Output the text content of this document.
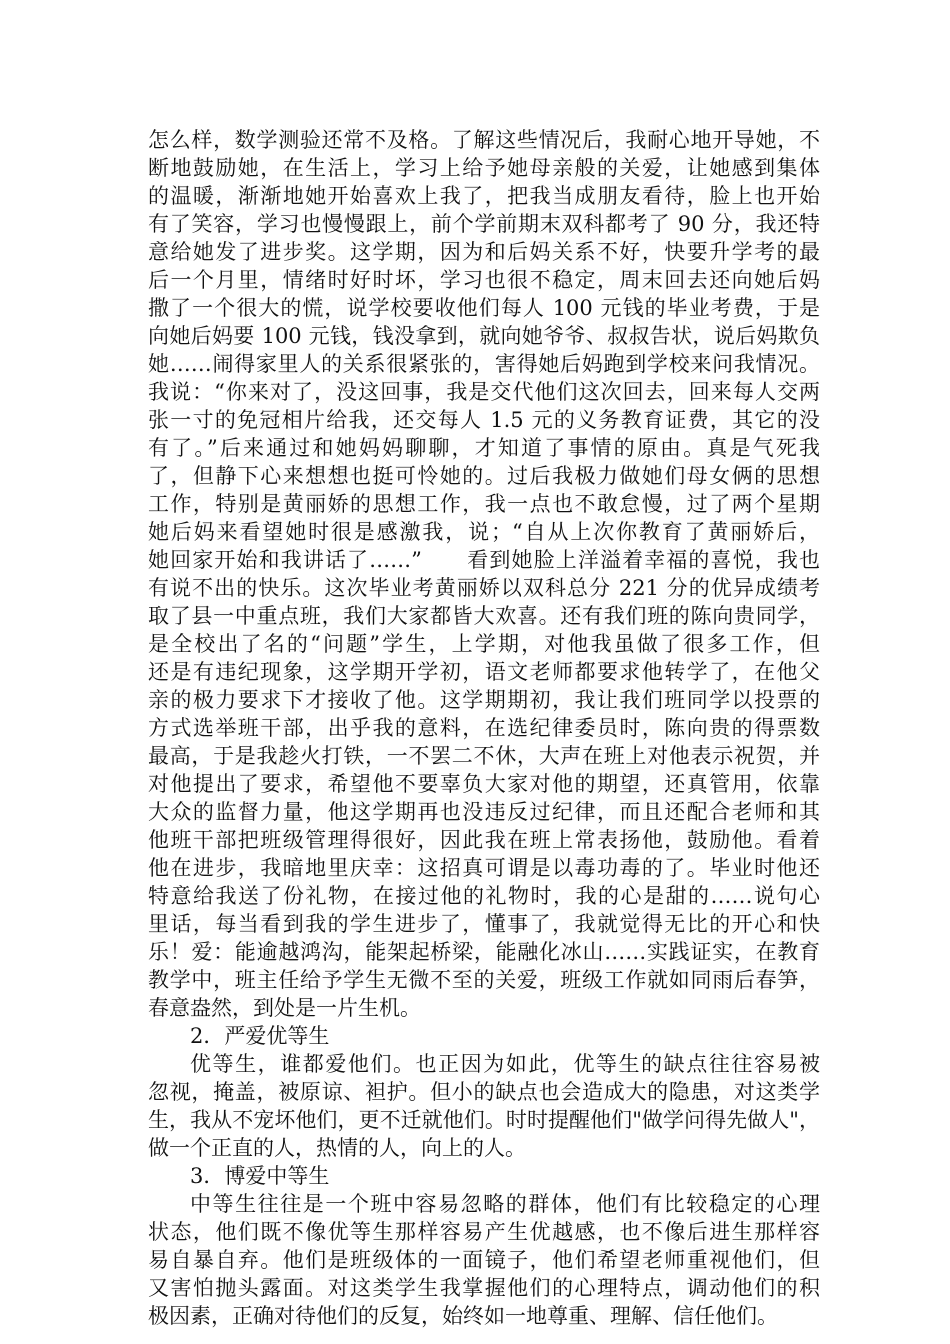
怎么样，数学测验还常不及格。了解这些情况后，我耐心地开导她，不
断地鼓励她，在生活上，学习上给予她母亲般的关爱，让她感到集体
的温暖，渐渐地她开始喜欢上我了，把我当成朋友看待，脸上也开始
有了笑容，学习也慢慢跟上，前个学前期末双科都考了 90 分，我还特
意给她发了进步奖。这学期，因为和后妈关系不好，快要升学考的最
后一个月里，情绪时好时坏，学习也很不稳定，周末回去还向她后妈
撒了一个很大的慌，说学校要收他们每人 100 元钱的毕业考费，于是
向她后妈要 100 元钱，钱没拿到，就向她爷爷、叔叔告状，说后妈欺负
她……闹得家里人的关系很紧张的，害得她后妈跑到学校来问我情况。
我说：“你来对了，没这回事，我是交代他们这次回去，回来每人交两
张一寸的免冠相片给我，还交每人 1.5 元的义务教育证费，其它的没
有了。”后来通过和她妈妈聊聊，才知道了事情的原由。真是气死我
了，但静下心来想想也挺可怜她的。过后我极力做她们母女俩的思想
工作，特别是黄丽娇的思想工作，我一点也不敢怠慢，过了两个星期
她后妈来看望她时很是感激我，说；“自从上次你教育了黄丽娇后，
她回家开始和我讲话了……”　　看到她脸上洋溢着幸福的喜悦，我也
有说不出的快乐。这次毕业考黄丽娇以双科总分 221 分的优异成绩考
取了县一中重点班，我们大家都皆大欢喜。还有我们班的陈向贵同学，
是全校出了名的“问题”学生，上学期，对他我虽做了很多工作，但
还是有违纪现象，这学期开学初，语文老师都要求他转学了，在他父
亲的极力要求下才接收了他。这学期期初，我让我们班同学以投票的
方式选举班干部，出乎我的意料，在选纪律委员时，陈向贵的得票数
最高，于是我趁火打铁，一不罢二不休，大声在班上对他表示祝贺，并
对他提出了要求，希望他不要辜负大家对他的期望，还真管用，依靠
大众的监督力量，他这学期再也没违反过纪律，而且还配合老师和其
他班干部把班级管理得很好，因此我在班上常表扬他，鼓励他。看着
他在进步，我暗地里庆幸：这招真可谓是以毒功毒的了。毕业时他还
特意给我送了份礼物，在接过他的礼物时，我的心是甜的……说句心
里话，每当看到我的学生进步了，懂事了，我就觉得无比的开心和快
乐！爱：能逾越鸿沟，能架起桥梁，能融化冰山……实践证实，在教育
教学中，班主任给予学生无微不至的关爱，班级工作就如同雨后春笋，
春意盎然，到处是一片生机。
2．严爱优等生
优等生，谁都爱他们。也正因为如此，优等生的缺点往往容易被
忽视，掩盖，被原谅、袒护。但小的缺点也会造成大的隐患，对这类学
生，我从不宠坏他们，更不迁就他们。时时提醒他们"做学问得先做人"，
做一个正直的人，热情的人，向上的人。
3．博爱中等生
中等生往往是一个班中容易忽略的群体，他们有比较稳定的心理
状态，他们既不像优等生那样容易产生优越感，也不像后进生那样容
易自暴自弃。他们是班级体的一面镜子，他们希望老师重视他们，但
又害怕抛头露面。对这类学生我掌握他们的心理特点，调动他们的积
极因素，正确对待他们的反复，始终如一地尊重、理解、信任他们。
